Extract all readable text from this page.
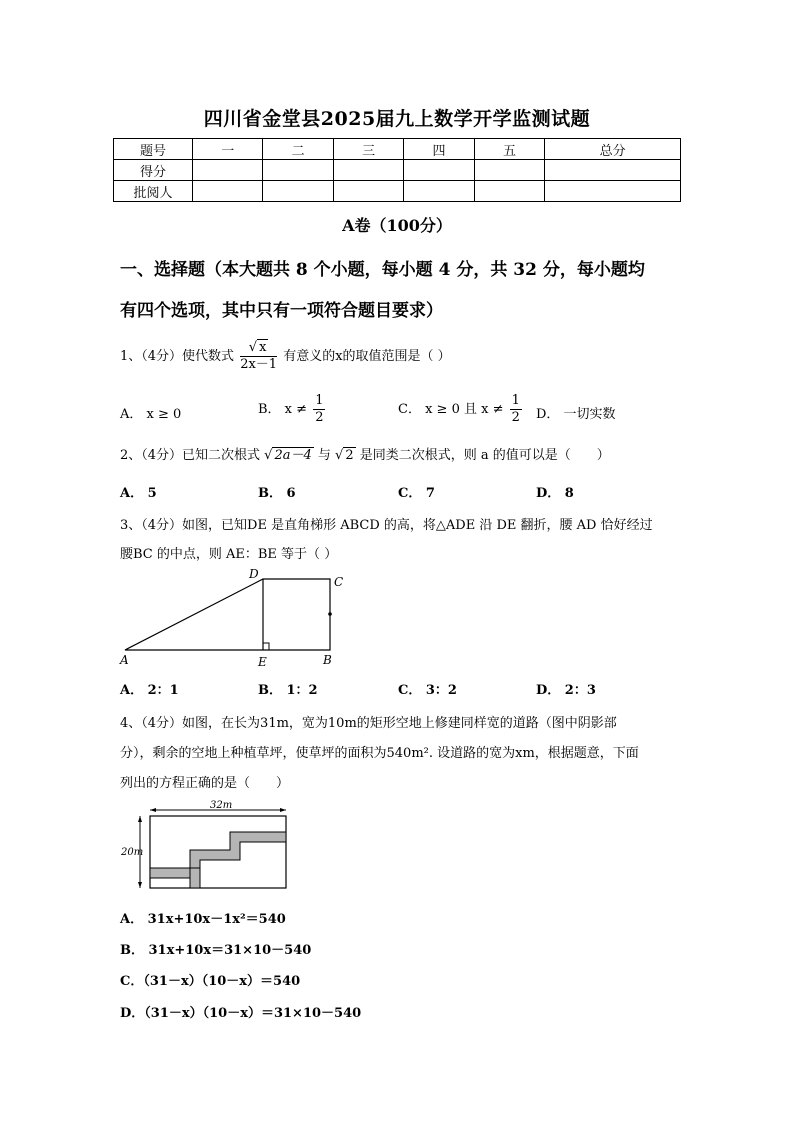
四川省金堂县2025届九上数学开学监测试题
题号	一	二	三	四	五	总分
得分						
批阅人						
A卷（100分）
一、选择题（本大题共 8 个小题，每小题 4 分，共 32 分，每小题均
有四个选项，其中只有一项符合题目要求）
1、（4分）使代数式 $\frac{√ x}{2x-1}$ 有意义的x的取值范围是（ ）
A． x ≥ 0	B． $x \ne \frac{1}{2}$	C． x ≥ 0 且 $x \ne \frac{1}{2}$ D． 一切实数
2、（4分）已知二次根式 √ 2a－4 与 √ 2 是同类二次根式，则 a 的值可以是（　　）
A． 5	B． 6	C． 7	D． 8
3、（4分）如图，已知DE 是直角梯形 ABCD 的高，将△ADE 沿 DE 翻折，腰 AD 恰好经过
腰BC 的中点，则 AE：BE 等于（ ）
D
C
A	E	B
A． 2：1	B． 1：2	C． 3：2	D． 2：3
4、（4分）如图，在长为31m，宽为10m的矩形空地上修建同样宽的道路（图中阴影部
分），剩余的空地上种植草坪，使草坪的面积为540m². 设道路的宽为xm，根据题意，下面
列出的方程正确的是（　　）
32m
20m
A． 31x+10x－1x²＝540
B． 31x+10x＝31×10－540
C．（31－x）（10－x）＝540
D．（31－x）（10－x）＝31×10－540
